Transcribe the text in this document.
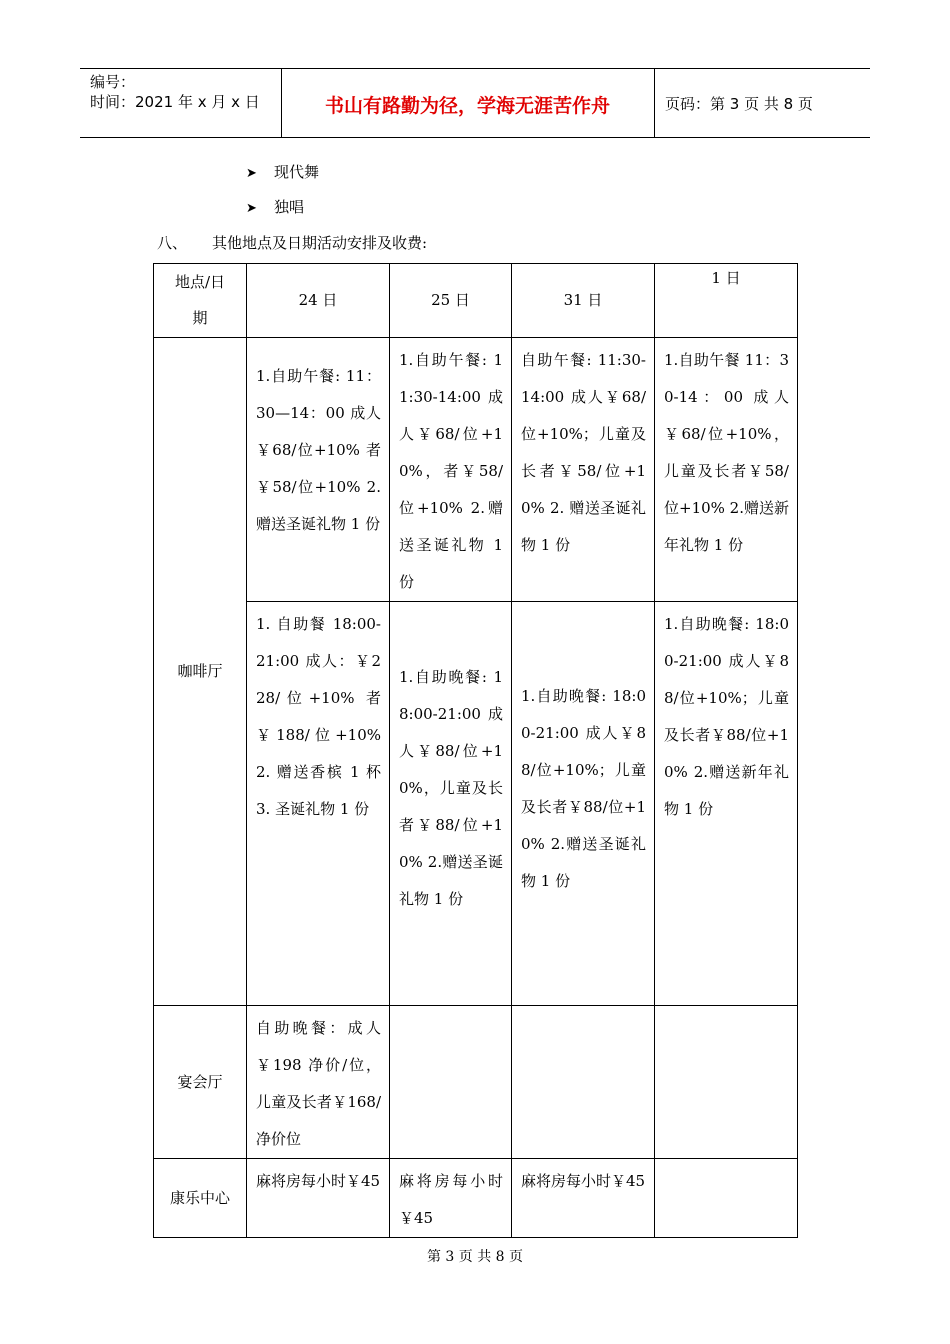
编号：
时间：2021 年 x 月 x 日	书山有路勤为径，学海无涯苦作舟	页码：第 3 页 共 8 页
➤ 现代舞
➤ 独唱
八、 其他地点及日期活动安排及收费:
地点/日期	24 日	25 日	31 日	1 日

咖啡厅	1.自助午餐: 11：30—14：00 成人￥68/位+10% 者￥58/位+10% 2.赠送圣诞礼物 1 份	1.自助午餐: 11:30-14:00 成人￥68/位+10%，者￥58/位+10% 2.赠送圣诞礼物 1 份	自助午餐: 11:30-14:00 成人￥68/位+10%；儿童及长者￥58/位+10% 2. 赠送圣诞礼物 1 份	1.自助午餐 11：30-14：00 成人￥68/位+10%，儿童及长者￥58/位+10% 2.赠送新年礼物 1 份

	1. 自助餐 18:00-21:00 成人：￥228/位+10% 者￥188/位+10% 2. 赠送香槟 1 杯 3. 圣诞礼物 1 份	1.自助晚餐: 18:00-21:00 成人￥88/位+10%，儿童及长者￥88/位+10% 2.赠送圣诞礼物 1 份	1.自助晚餐: 18:00-21:00 成人￥88/位+10%；儿童及长者￥88/位+10% 2.赠送圣诞礼物 1 份	1.自助晚餐: 18:00-21:00 成人￥88/位+10%；儿童及长者￥88/位+10% 2.赠送新年礼物 1 份

宴会厅	自助晚餐：成人￥198 净价/位，儿童及长者￥168/净价位			

康乐中心	麻将房每小时￥45	麻将房每小时￥45	麻将房每小时￥45	

第 3 页 共 8 页
